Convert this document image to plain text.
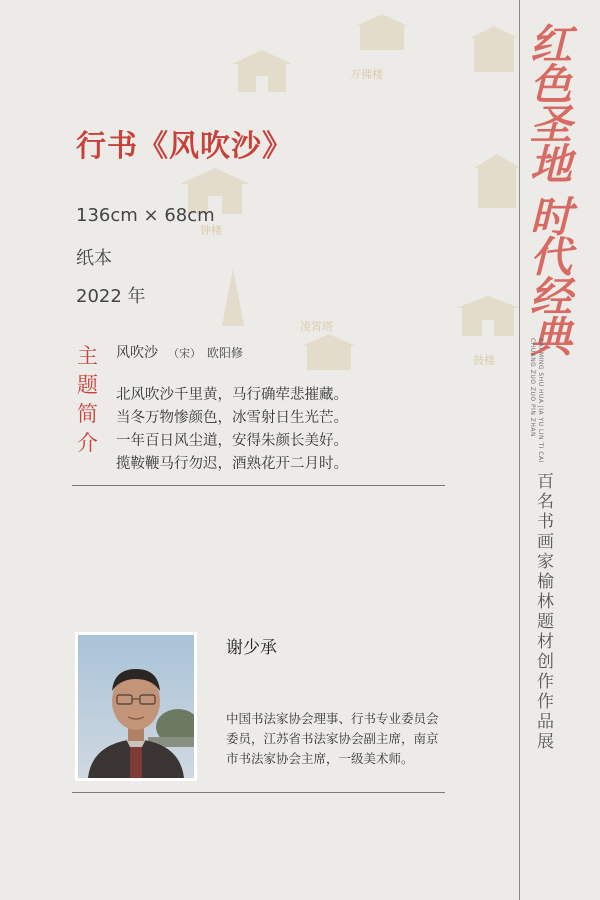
万佛楼
钟楼
凌霄塔
鼓楼
红色圣地 时代经典
BAI MING SHU HUA JIA YU LIN TI CAI CHUANG ZUO ZUO PIN ZHAN
百名书画家榆林题材创作作品展
行书《风吹沙》
136cm × 68cm
纸本
2022 年
主题简介
风吹沙 （宋） 欧阳修
北风吹沙千里黄，马行确荦悲摧藏。
当冬万物惨颜色，冰雪射日生光芒。
一年百日风尘道，安得朱颜长美好。
揽鞍鞭马行勿迟，酒熟花开二月时。
谢少承
中国书法家协会理事、行书专业委员会委员，江苏省书法家协会副主席，南京市书法家协会主席，一级美术师。
